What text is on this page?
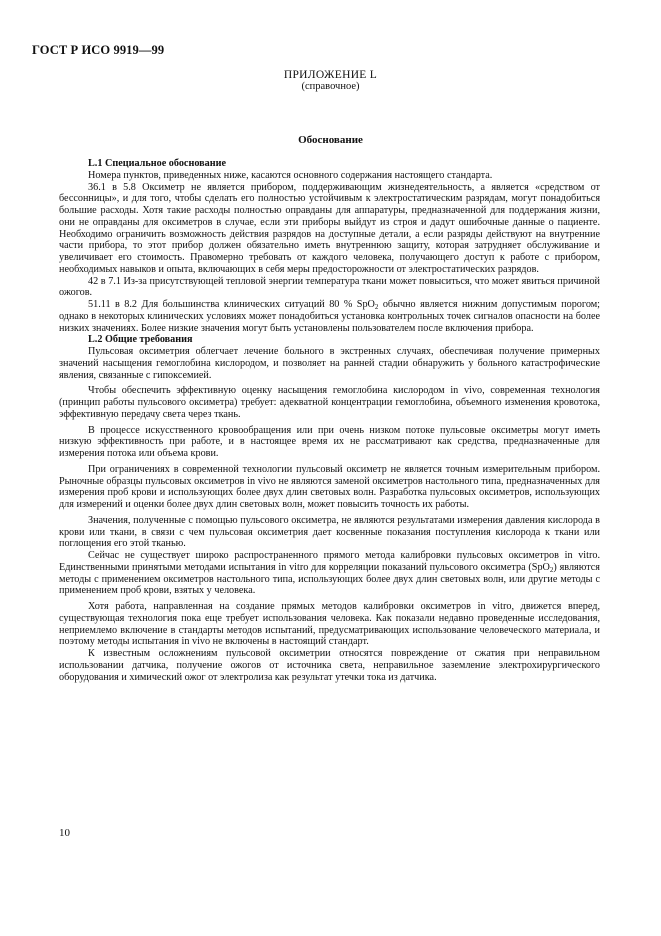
ГОСТ Р ИСО 9919—99
ПРИЛОЖЕНИЕ L
(справочное)
Обоснование

L.1 Специальное обоснование

Номера пунктов, приведенных ниже, касаются основного содержания настоящего стандарта.

36.1 в 5.8 Оксиметр не является прибором, поддерживающим жизнедеятельность, а является «средством от бессонницы», и для того, чтобы сделать его полностью устойчивым к электростатическим разрядам, могут понадобиться большие расходы. Хотя такие расходы полностью оправданы для аппаратуры, предназначенной для поддержания жизни, они не оправданы для оксиметров в случае, если эти приборы выйдут из строя и дадут ошибочные данные о пациенте. Необходимо ограничить возможность действия разрядов на доступные детали, а если разряды действуют на внутренние части прибора, то этот прибор должен обязательно иметь внутреннюю защиту, которая затрудняет обслуживание и увеличивает его стоимость. Правомерно требовать от каждого человека, получающего доступ к работе с прибором, необходимых навыков и опыта, включающих в себя меры предосторожности от электростатических разрядов.

42 в 7.1 Из-за присутствующей тепловой энергии температура ткани может повыситься, что может явиться причиной ожогов.

51.11 в 8.2 Для большинства клинических ситуаций 80 % SpO$_2$ обычно является нижним допустимым порогом; однако в некоторых клинических условиях может понадобиться установка контрольных точек сигналов опасности на более низких значениях. Более низкие значения могут быть установлены пользователем после включения прибора.

L.2 Общие требования

Пульсовая оксиметрия облегчает лечение больного в экстренных случаях, обеспечивая получение примерных значений насыщения гемоглобина кислородом, и позволяет на ранней стадии обнаружить у больного катастрофические явления, связанные с гипоксемией.

Чтобы обеспечить эффективную оценку насыщения гемоглобина кислородом in vivo, современная технология (принцип работы пульсового оксиметра) требует: адекватной концентрации гемоглобина, объемного изменения кровотока, эффективную передачу света через ткань.

В процессе искусственного кровообращения или при очень низком потоке пульсовые оксиметры могут иметь низкую эффективность при работе, и в настоящее время их не рассматривают как средства, предназначенные для измерения потока или объема крови.

При ограничениях в современной технологии пульсовый оксиметр не является точным измерительным прибором. Рыночные образцы пульсовых оксиметров in vivo не являются заменой оксиметров настольного типа, предназначенных для измерения проб крови и использующих более двух длин световых волн. Разработка пульсовых оксиметров, использующих для измерений и оценки более двух длин световых волн, может повысить точность их работы.

Значения, полученные с помощью пульсового оксиметра, не являются результатами измерения давления кислорода в крови или ткани, в связи с чем пульсовая оксиметрия дает косвенные показания поступления кислорода к ткани или поглощения его этой тканью.

Сейчас не существует широко распространенного прямого метода калибровки пульсовых оксиметров in vitro. Единственными принятыми методами испытания in vitro для корреляции показаний пульсового оксиметра (SpO$_2$) являются методы с применением оксиметров настольного типа, использующих более двух длин световых волн, или другие методы с применением проб крови, взятых у человека.

Хотя работа, направленная на создание прямых методов калибровки оксиметров in vitro, движется вперед, существующая технология пока еще требует использования человека. Как показали недавно проведенные исследования, неприемлемо включение в стандарты методов испытаний, предусматривающих использование человеческого материала, и поэтому методы испытания in vivo не включены в настоящий стандарт.

К известным осложнениям пульсовой оксиметрии относятся повреждение от сжатия при неправильном использовании датчика, получение ожогов от источника света, неправильное заземление электрохирургического оборудования и химический ожог от электролиза как результат утечки тока из датчика.

10
